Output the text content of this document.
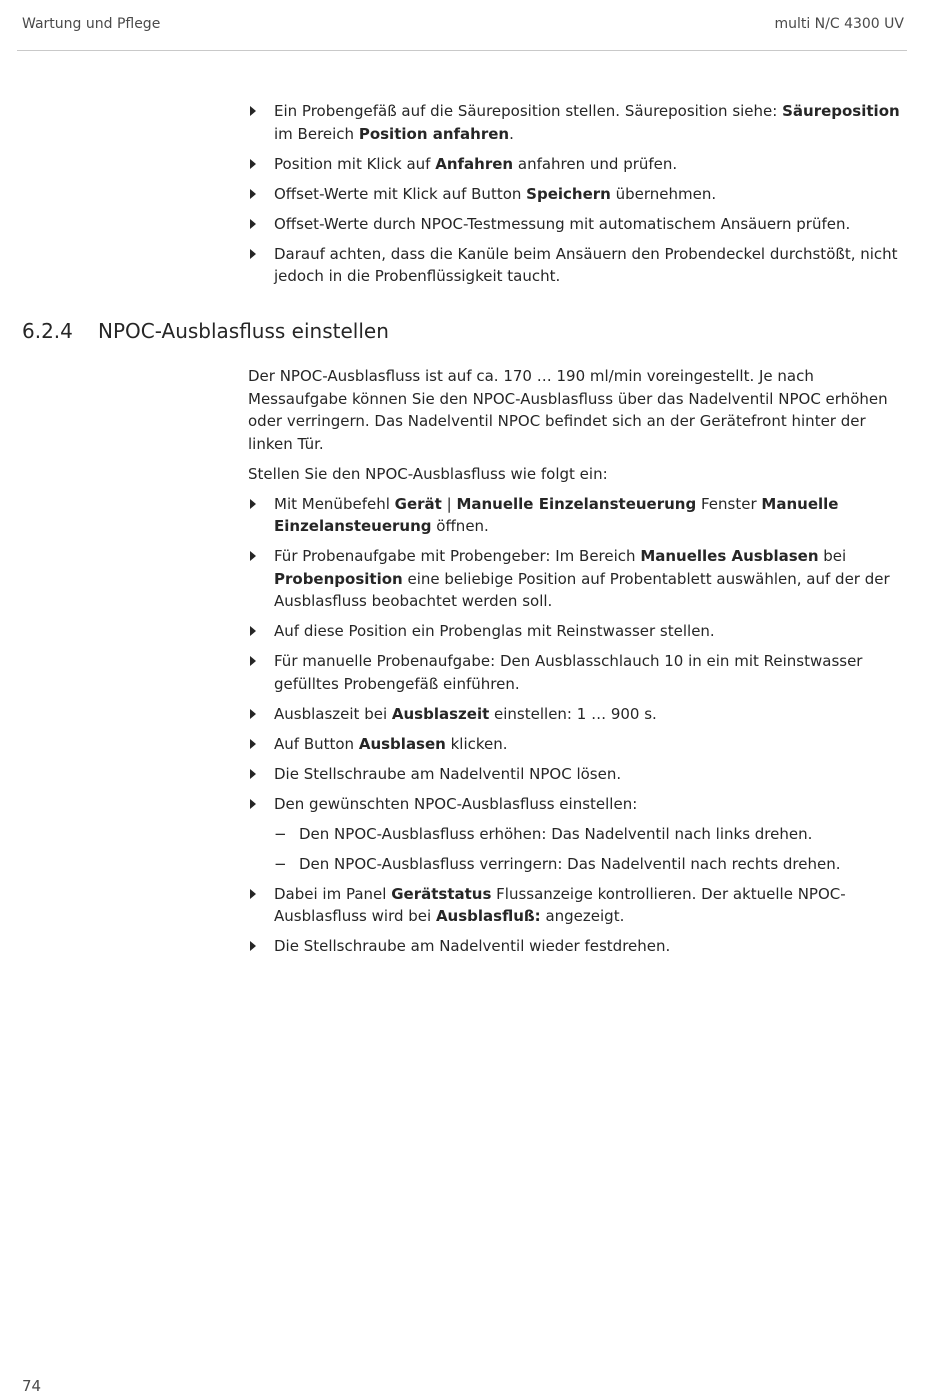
Wartung und Pflege	multi N/C 4300 UV
Ein Probengefäß auf die Säureposition stellen. Säureposition siehe: Säureposition im Bereich Position anfahren.
Position mit Klick auf Anfahren anfahren und prüfen.
Offset-Werte mit Klick auf Button Speichern übernehmen.
Offset-Werte durch NPOC-Testmessung mit automatischem Ansäuern prüfen.
Darauf achten, dass die Kanüle beim Ansäuern den Probendeckel durchstößt, nicht jedoch in die Probenflüssigkeit taucht.
6.2.4 NPOC-Ausblasfluss einstellen
Der NPOC-Ausblasfluss ist auf ca. 170 … 190 ml/min voreingestellt. Je nach Messaufgabe können Sie den NPOC-Ausblasfluss über das Nadelventil NPOC erhöhen oder verringern. Das Nadelventil NPOC befindet sich an der Gerätefront hinter der linken Tür.
Stellen Sie den NPOC-Ausblasfluss wie folgt ein:
Mit Menübefehl Gerät | Manuelle Einzelansteuerung Fenster Manuelle Einzelansteuerung öffnen.
Für Probenaufgabe mit Probengeber: Im Bereich Manuelles Ausblasen bei Probenposition eine beliebige Position auf Probentablett auswählen, auf der der Ausblasfluss beobachtet werden soll.
Auf diese Position ein Probenglas mit Reinstwasser stellen.
Für manuelle Probenaufgabe: Den Ausblasschlauch 10 in ein mit Reinstwasser gefülltes Probengefäß einführen.
Ausblaszeit bei Ausblaszeit einstellen: 1 … 900 s.
Auf Button Ausblasen klicken.
Die Stellschraube am Nadelventil NPOC lösen.
Den gewünschten NPOC-Ausblasfluss einstellen:
− Den NPOC-Ausblasfluss erhöhen: Das Nadelventil nach links drehen.
− Den NPOC-Ausblasfluss verringern: Das Nadelventil nach rechts drehen.
Dabei im Panel Gerätstatus Flussanzeige kontrollieren. Der aktuelle NPOC-Ausblasfluss wird bei Ausblasfluß: angezeigt.
Die Stellschraube am Nadelventil wieder festdrehen.
74
